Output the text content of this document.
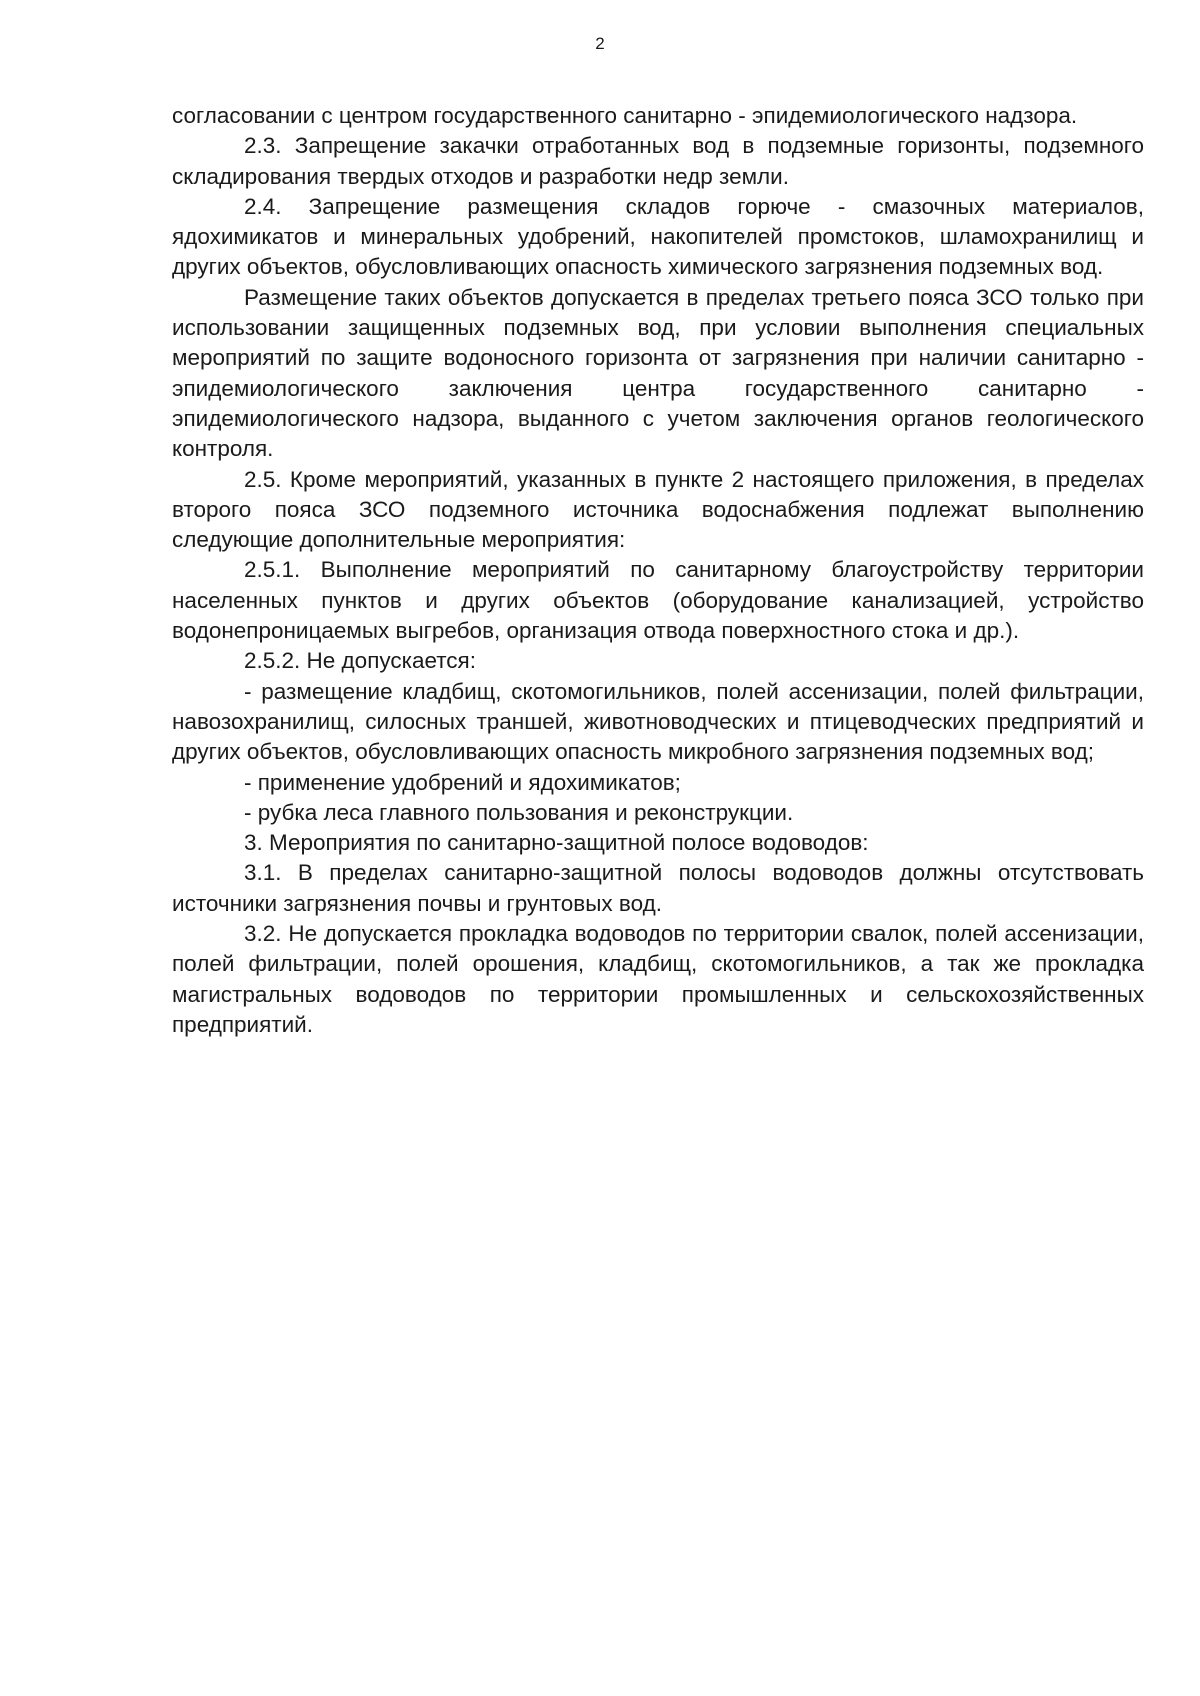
2

согласовании с центром государственного санитарно - эпидемиологического надзора.

2.3. Запрещение закачки отработанных вод в подземные горизонты, подземного складирования твердых отходов и разработки недр земли.

2.4. Запрещение размещения складов горюче - смазочных материалов, ядохимикатов и минеральных удобрений, накопителей промстоков, шламохранилищ и других объектов, обусловливающих опасность химического загрязнения подземных вод.

Размещение таких объектов допускается в пределах третьего пояса ЗСО только при использовании защищенных подземных вод, при условии выполнения специальных мероприятий по защите водоносного горизонта от загрязнения при наличии санитарно - эпидемиологического заключения центра государственного санитарно - эпидемиологического надзора, выданного с учетом заключения органов геологического контроля.

2.5. Кроме мероприятий, указанных в пункте 2 настоящего приложения, в пределах второго пояса ЗСО подземного источника водоснабжения подлежат выполнению следующие дополнительные мероприятия:

2.5.1. Выполнение мероприятий по санитарному благоустройству территории населенных пунктов и других объектов (оборудование канализацией, устройство водонепроницаемых выгребов, организация отвода поверхностного стока и др.).

2.5.2. Не допускается:

- размещение кладбищ, скотомогильников, полей ассенизации, полей фильтрации, навозохранилищ, силосных траншей, животноводческих и птицеводческих предприятий и других объектов, обусловливающих опасность микробного загрязнения подземных вод;

- применение удобрений и ядохимикатов;

- рубка леса главного пользования и реконструкции.

3. Мероприятия по санитарно-защитной полосе водоводов:

3.1. В пределах санитарно-защитной полосы водоводов должны отсутствовать источники загрязнения почвы и грунтовых вод.

3.2. Не допускается прокладка водоводов по территории свалок, полей ассенизации, полей фильтрации, полей орошения, кладбищ, скотомогильников, а так же прокладка магистральных водоводов по территории промышленных и сельскохозяйственных предприятий.
